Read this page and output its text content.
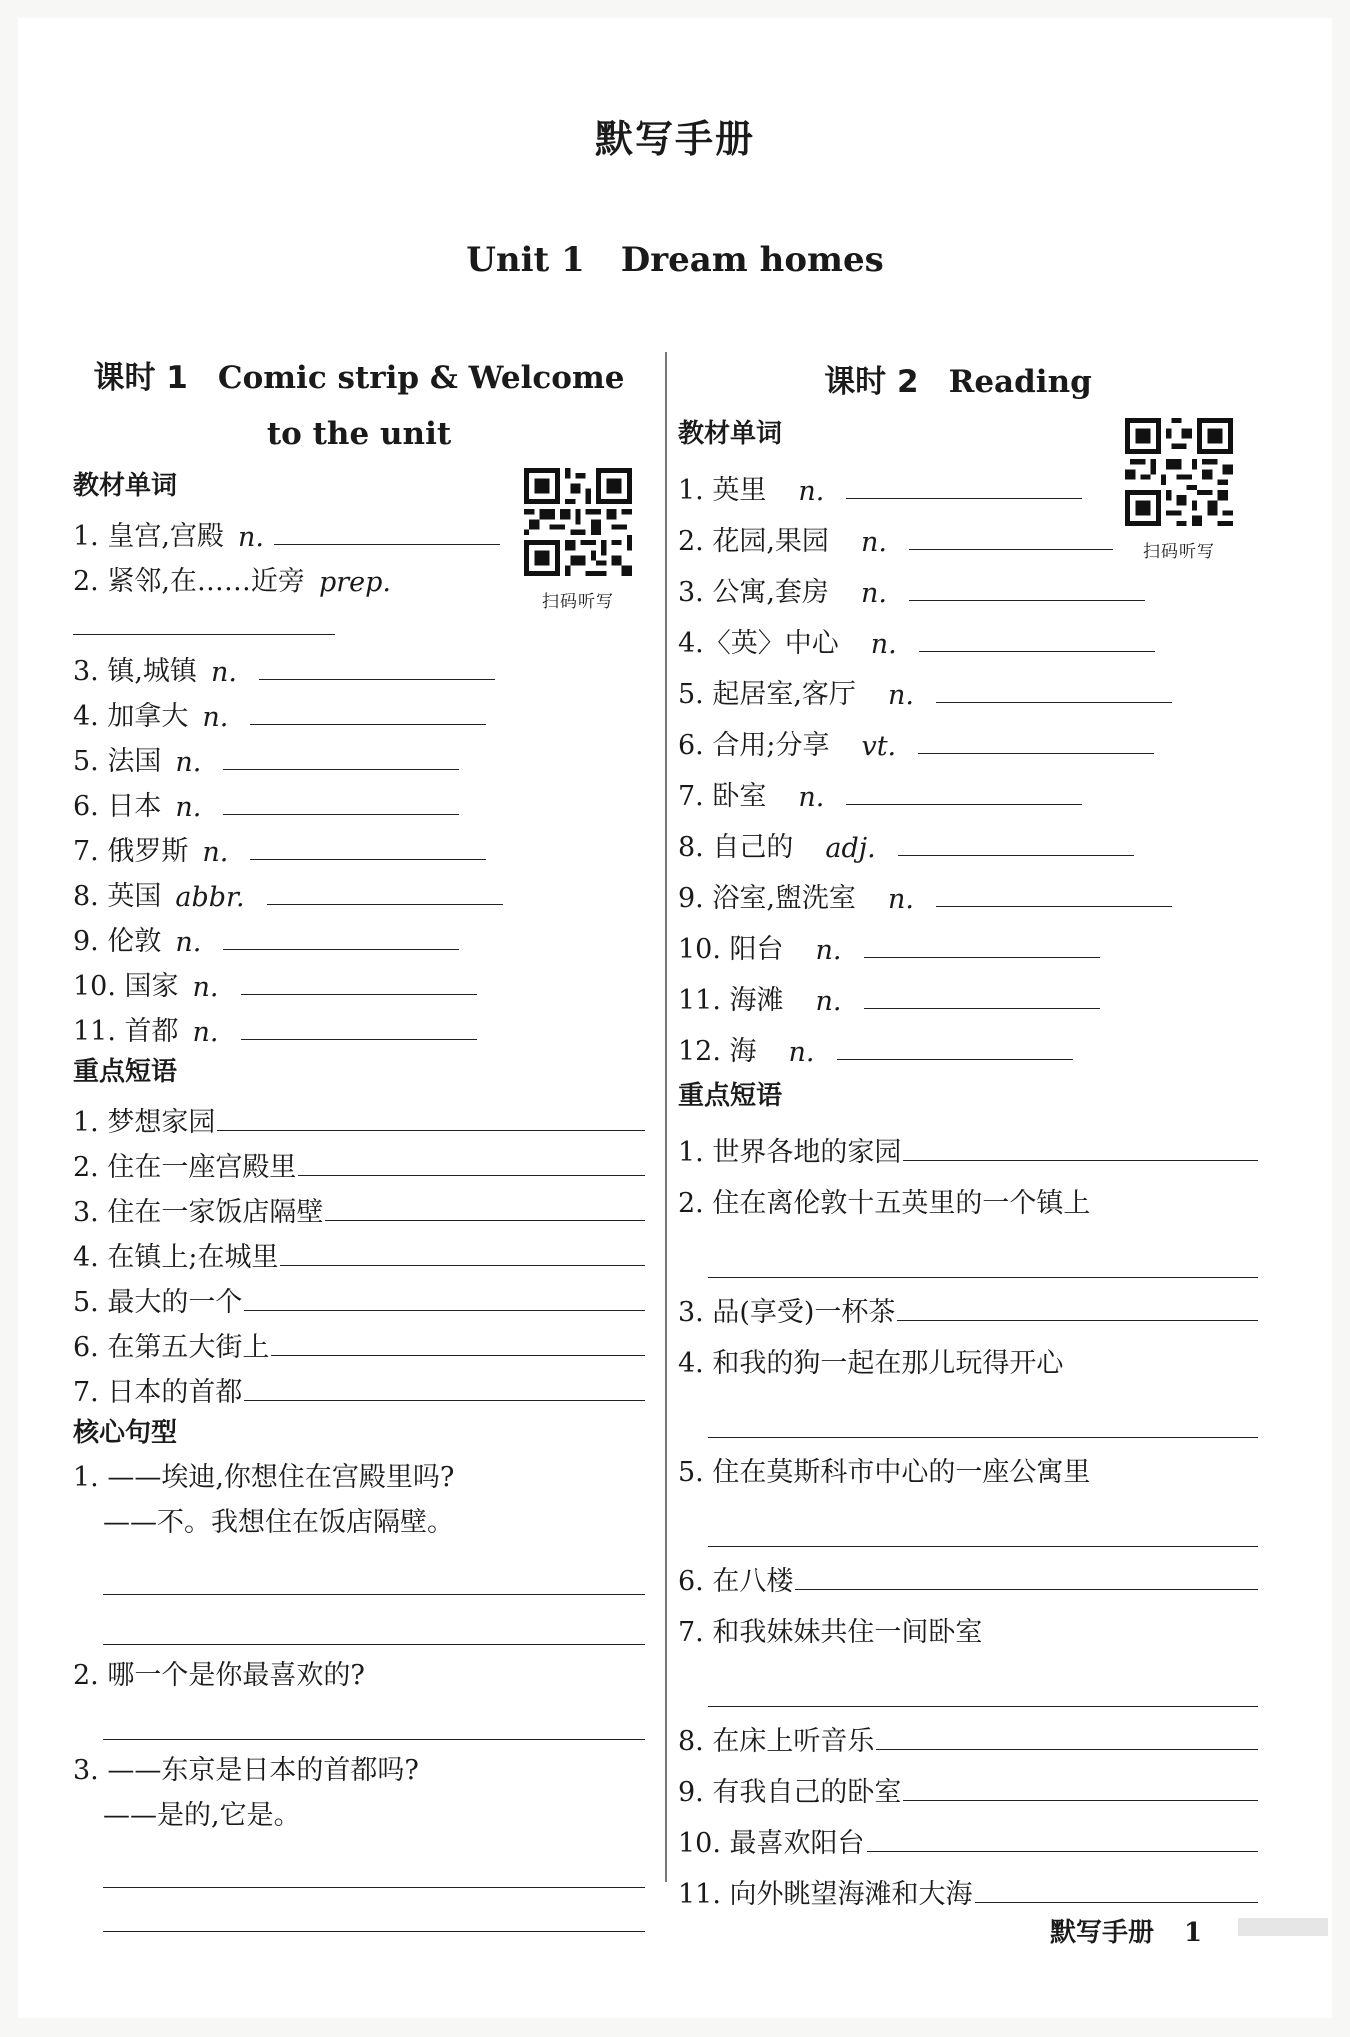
默写手册
Unit 1 Dream homes
课时 1 Comic strip & Welcome
to the unit
教材单词
1. 皇宫,宫殿 n.
2. 紧邻,在……近旁 prep.
3. 镇,城镇 n.
4. 加拿大 n.
5. 法国 n.
6. 日本 n.
7. 俄罗斯 n.
8. 英国 abbr.
9. 伦敦 n.
10. 国家 n.
11. 首都 n.
重点短语
1. 梦想家园
2. 住在一座宫殿里
3. 住在一家饭店隔壁
4. 在镇上;在城里
5. 最大的一个
6. 在第五大街上
7. 日本的首都
核心句型
1. ——埃迪,你想住在宫殿里吗?
——不。我想住在饭店隔壁。
2. 哪一个是你最喜欢的?
3. ——东京是日本的首都吗?
——是的,它是。
扫码听写
扫码听写
课时 2 Reading
教材单词
1. 英里 n.
2. 花园,果园 n.
3. 公寓,套房 n.
4.〈英〉中心 n.
5. 起居室,客厅 n.
6. 合用;分享 vt.
7. 卧室 n.
8. 自己的 adj.
9. 浴室,盥洗室 n.
10. 阳台 n.
11. 海滩 n.
12. 海 n.
重点短语
1. 世界各地的家园
2. 住在离伦敦十五英里的一个镇上
3. 品(享受)一杯茶
4. 和我的狗一起在那儿玩得开心
5. 住在莫斯科市中心的一座公寓里
6. 在八楼
7. 和我妹妹共住一间卧室
8. 在床上听音乐
9. 有我自己的卧室
10. 最喜欢阳台
11. 向外眺望海滩和大海
默写手册 1
